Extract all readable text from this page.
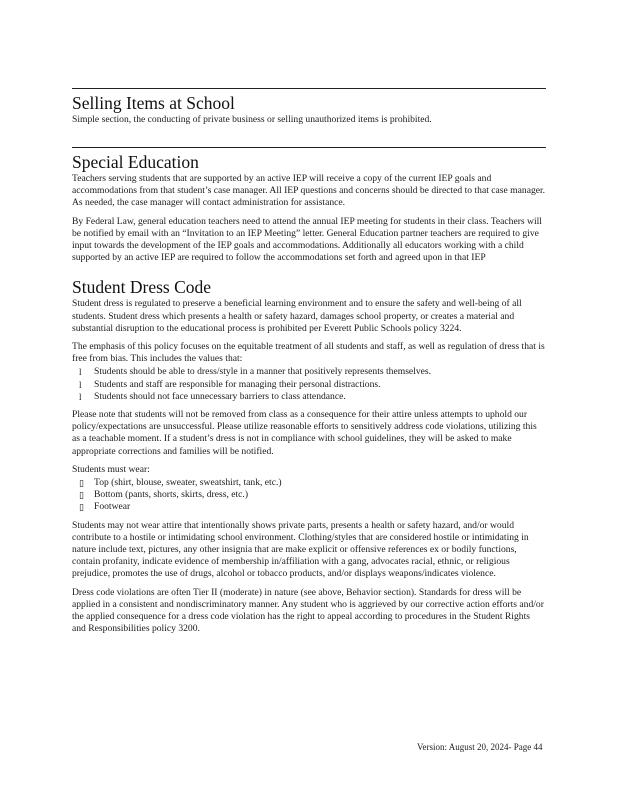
Selling Items at School

Simple section, the conducting of private business or selling unauthorized items is prohibited.

Special Education

Teachers serving students that are supported by an active IEP will receive a copy of the current IEP goals and accommodations from that student’s case manager. All IEP questions and concerns should be directed to that case manager. As needed, the case manager will contact administration for assistance.

By Federal Law, general education teachers need to attend the annual IEP meeting for students in their class. Teachers will be notified by email with an “Invitation to an IEP Meeting” letter. General Education partner teachers are required to give input towards the development of the IEP goals and accommodations. Additionally all educators working with a child supported by an active IEP are required to follow the accommodations set forth and agreed upon in that IEP

Student Dress Code

Student dress is regulated to preserve a beneficial learning environment and to ensure the safety and well-being of all students. Student dress which presents a health or safety hazard, damages school property, or creates a material and substantial disruption to the educational process is prohibited per Everett Public Schools policy 3224.

The emphasis of this policy focuses on the equitable treatment of all students and staff, as well as regulation of dress that is free from bias. This includes the values that:

l Students should be able to dress/style in a manner that positively represents themselves.
l Students and staff are responsible for managing their personal distractions.
l Students should not face unnecessary barriers to class attendance.

Please note that students will not be removed from class as a consequence for their attire unless attempts to uphold our policy/expectations are unsuccessful. Please utilize reasonable efforts to sensitively address code violations, utilizing this as a teachable moment. If a student’s dress is not in compliance with school guidelines, they will be asked to make appropriate corrections and families will be notified.

Students must wear:

▯ Top (shirt, blouse, sweater, sweatshirt, tank, etc.)
▯ Bottom (pants, shorts, skirts, dress, etc.)
▯ Footwear

Students may not wear attire that intentionally shows private parts, presents a health or safety hazard, and/or would contribute to a hostile or intimidating school environment. Clothing/styles that are considered hostile or intimidating in nature include text, pictures, any other insignia that are make explicit or offensive references ex or bodily functions, contain profanity, indicate evidence of membership in/affiliation with a gang, advocates racial, ethnic, or religious prejudice, promotes the use of drugs, alcohol or tobacco products, and/or displays weapons/indicates violence.

Dress code violations are often Tier II (moderate) in nature (see above, Behavior section). Standards for dress will be applied in a consistent and nondiscriminatory manner. Any student who is aggrieved by our corrective action efforts and/or the applied consequence for a dress code violation has the right to appeal according to procedures in the Student Rights and Responsibilities policy 3200.

Version: August 20, 2024- Page 44
